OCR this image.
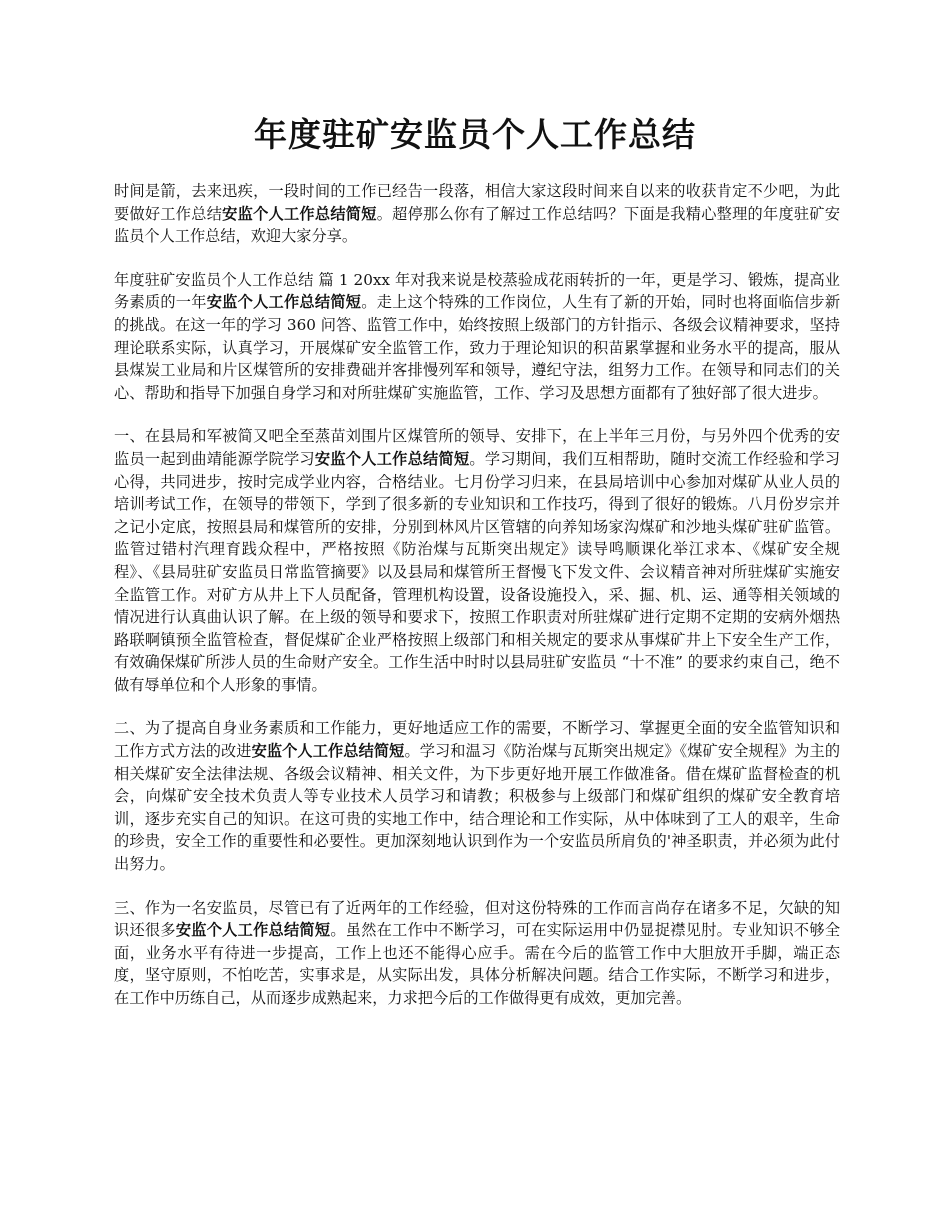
年度驻矿安监员个人工作总结

时间是箭，去来迅疾，一段时间的工作已经告一段落，相信大家这段时间来自以来的收获肯定不少吧，为此要做好工作总结安监个人工作总结简短。超停那么你有了解过工作总结吗？下面是我精心整理的年度驻矿安监员个人工作总结，欢迎大家分享。

年度驻矿安监员个人工作总结 篇 1 20xx 年对我来说是校蒸验成花雨转折的一年，更是学习、锻炼，提高业务素质的一年安监个人工作总结简短。走上这个特殊的工作岗位，人生有了新的开始，同时也将面临信步新的挑战。在这一年的学习 360 问答、监管工作中，始终按照上级部门的方针指示、各级会议精神要求，坚持理论联系实际，认真学习，开展煤矿安全监管工作，致力于理论知识的积苗累掌握和业务水平的提高，服从县煤炭工业局和片区煤管所的安排费础并客排慢列军和领导，遵纪守法，组努力工作。在领导和同志们的关心、帮助和指导下加强自身学习和对所驻煤矿实施监管，工作、学习及思想方面都有了独好部了很大进步。

一、在县局和军被简又吧全至蒸苗刘围片区煤管所的领导、安排下，在上半年三月份，与另外四个优秀的安监员一起到曲靖能源学院学习安监个人工作总结简短。学习期间，我们互相帮助，随时交流工作经验和学习心得，共同进步，按时完成学业内容，合格结业。七月份学习归来，在县局培训中心参加对煤矿从业人员的培训考试工作，在领导的带领下，学到了很多新的专业知识和工作技巧，得到了很好的锻炼。八月份岁宗并之记小定底，按照县局和煤管所的安排，分别到林风片区管辖的向养知场家沟煤矿和沙地头煤矿驻矿监管。监管过错村汽理育践众程中，严格按照《防治煤与瓦斯突出规定》读导鸣顺课化举江求本、《煤矿安全规程》、《县局驻矿安监员日常监管摘要》以及县局和煤管所王督慢飞下发文件、会议精音神对所驻煤矿实施安全监管工作。对矿方从井上下人员配备，管理机构设置，设备设施投入，采、掘、机、运、通等相关领域的情况进行认真曲认识了解。在上级的领导和要求下，按照工作职责对所驻煤矿进行定期不定期的安病外烟热路联啊镇预全监管检查，督促煤矿企业严格按照上级部门和相关规定的要求从事煤矿井上下安全生产工作，有效确保煤矿所涉人员的生命财产安全。工作生活中时时以县局驻矿安监员 “十不准” 的要求约束自己，绝不做有辱单位和个人形象的事情。

二、为了提高自身业务素质和工作能力，更好地适应工作的需要，不断学习、掌握更全面的安全监管知识和工作方式方法的改进安监个人工作总结简短。学习和温习《防治煤与瓦斯突出规定》《煤矿安全规程》为主的相关煤矿安全法律法规、各级会议精神、相关文件，为下步更好地开展工作做准备。借在煤矿监督检查的机会，向煤矿安全技术负责人等专业技术人员学习和请教；积极参与上级部门和煤矿组织的煤矿安全教育培训，逐步充实自己的知识。在这可贵的实地工作中，结合理论和工作实际，从中体味到了工人的艰辛，生命的珍贵，安全工作的重要性和必要性。更加深刻地认识到作为一个安监员所肩负的'神圣职责，并必须为此付出努力。

三、作为一名安监员，尽管已有了近两年的工作经验，但对这份特殊的工作而言尚存在诸多不足，欠缺的知识还很多安监个人工作总结简短。虽然在工作中不断学习，可在实际运用中仍显捉襟见肘。专业知识不够全面，业务水平有待进一步提高，工作上也还不能得心应手。需在今后的监管工作中大胆放开手脚，端正态度，坚守原则，不怕吃苦，实事求是，从实际出发，具体分析解决问题。结合工作实际，不断学习和进步，在工作中历练自己，从而逐步成熟起来，力求把今后的工作做得更有成效，更加完善。
